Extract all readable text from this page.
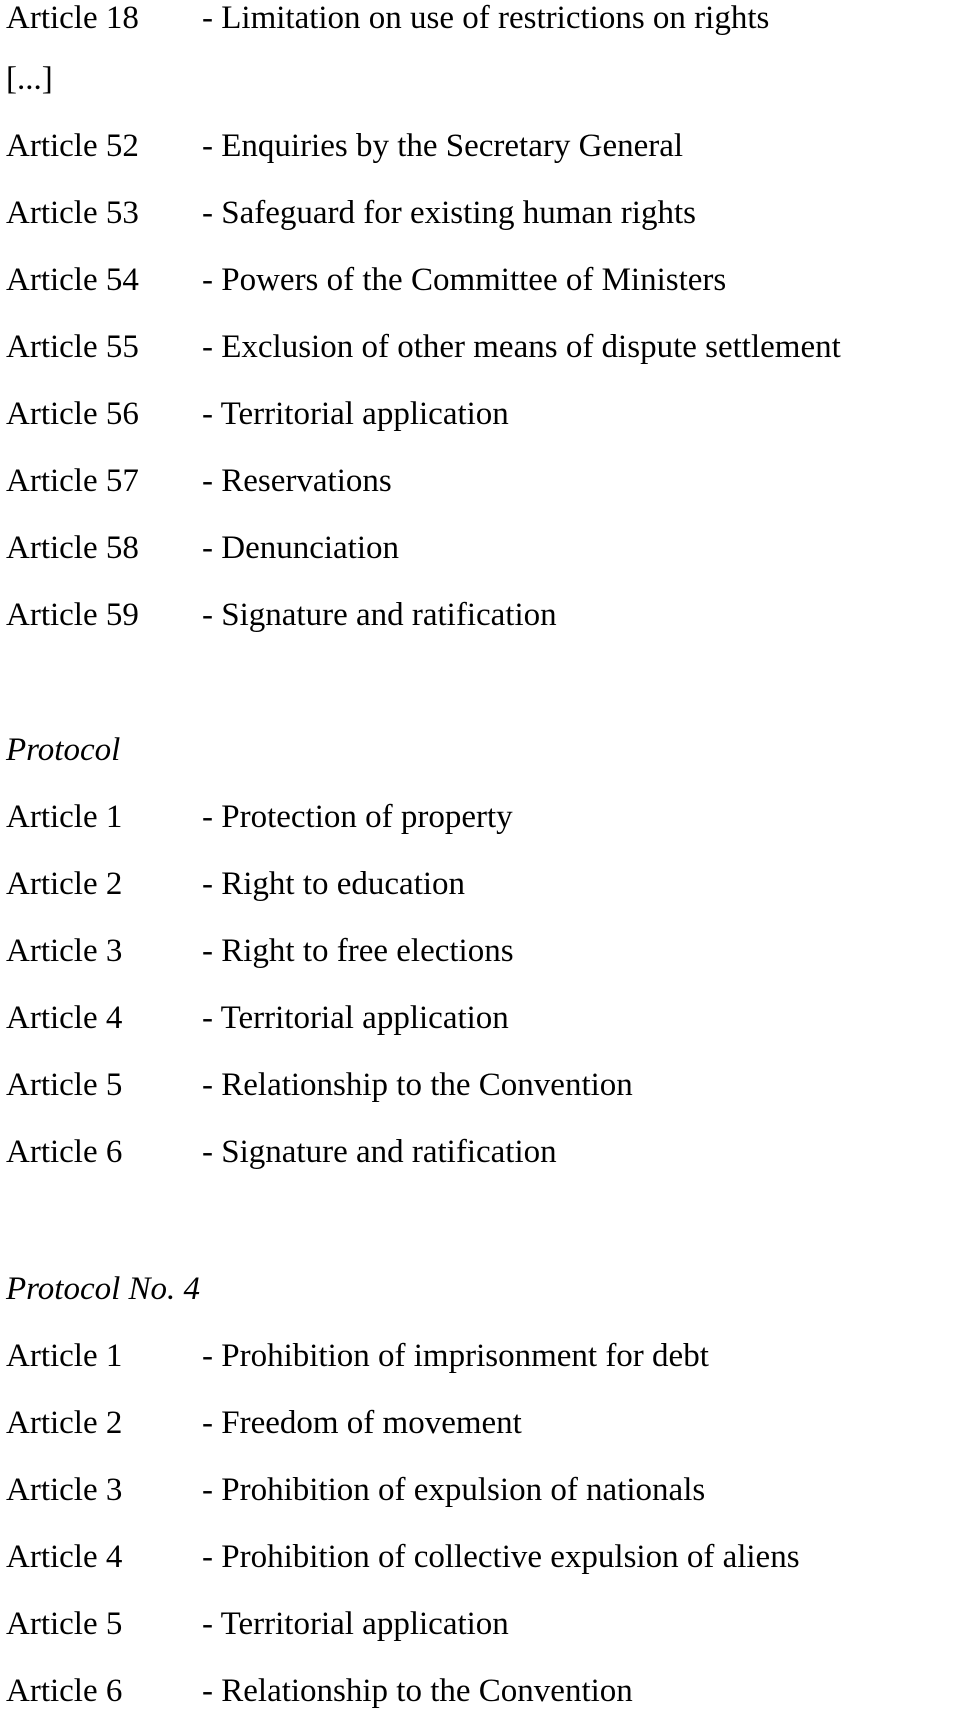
Article 18 - Limitation on use of restrictions on rights
[...]
Article 52 - Enquiries by the Secretary General
Article 53 - Safeguard for existing human rights
Article 54 - Powers of the Committee of Ministers
Article 55 - Exclusion of other means of dispute settlement
Article 56 - Territorial application
Article 57 - Reservations
Article 58 - Denunciation
Article 59 - Signature and ratification
Protocol
Article 1 - Protection of property
Article 2 - Right to education
Article 3 - Right to free elections
Article 4 - Territorial application
Article 5 - Relationship to the Convention
Article 6 - Signature and ratification
Protocol No. 4
Article 1 - Prohibition of imprisonment for debt
Article 2 - Freedom of movement
Article 3 - Prohibition of expulsion of nationals
Article 4 - Prohibition of collective expulsion of aliens
Article 5 - Territorial application
Article 6 - Relationship to the Convention
